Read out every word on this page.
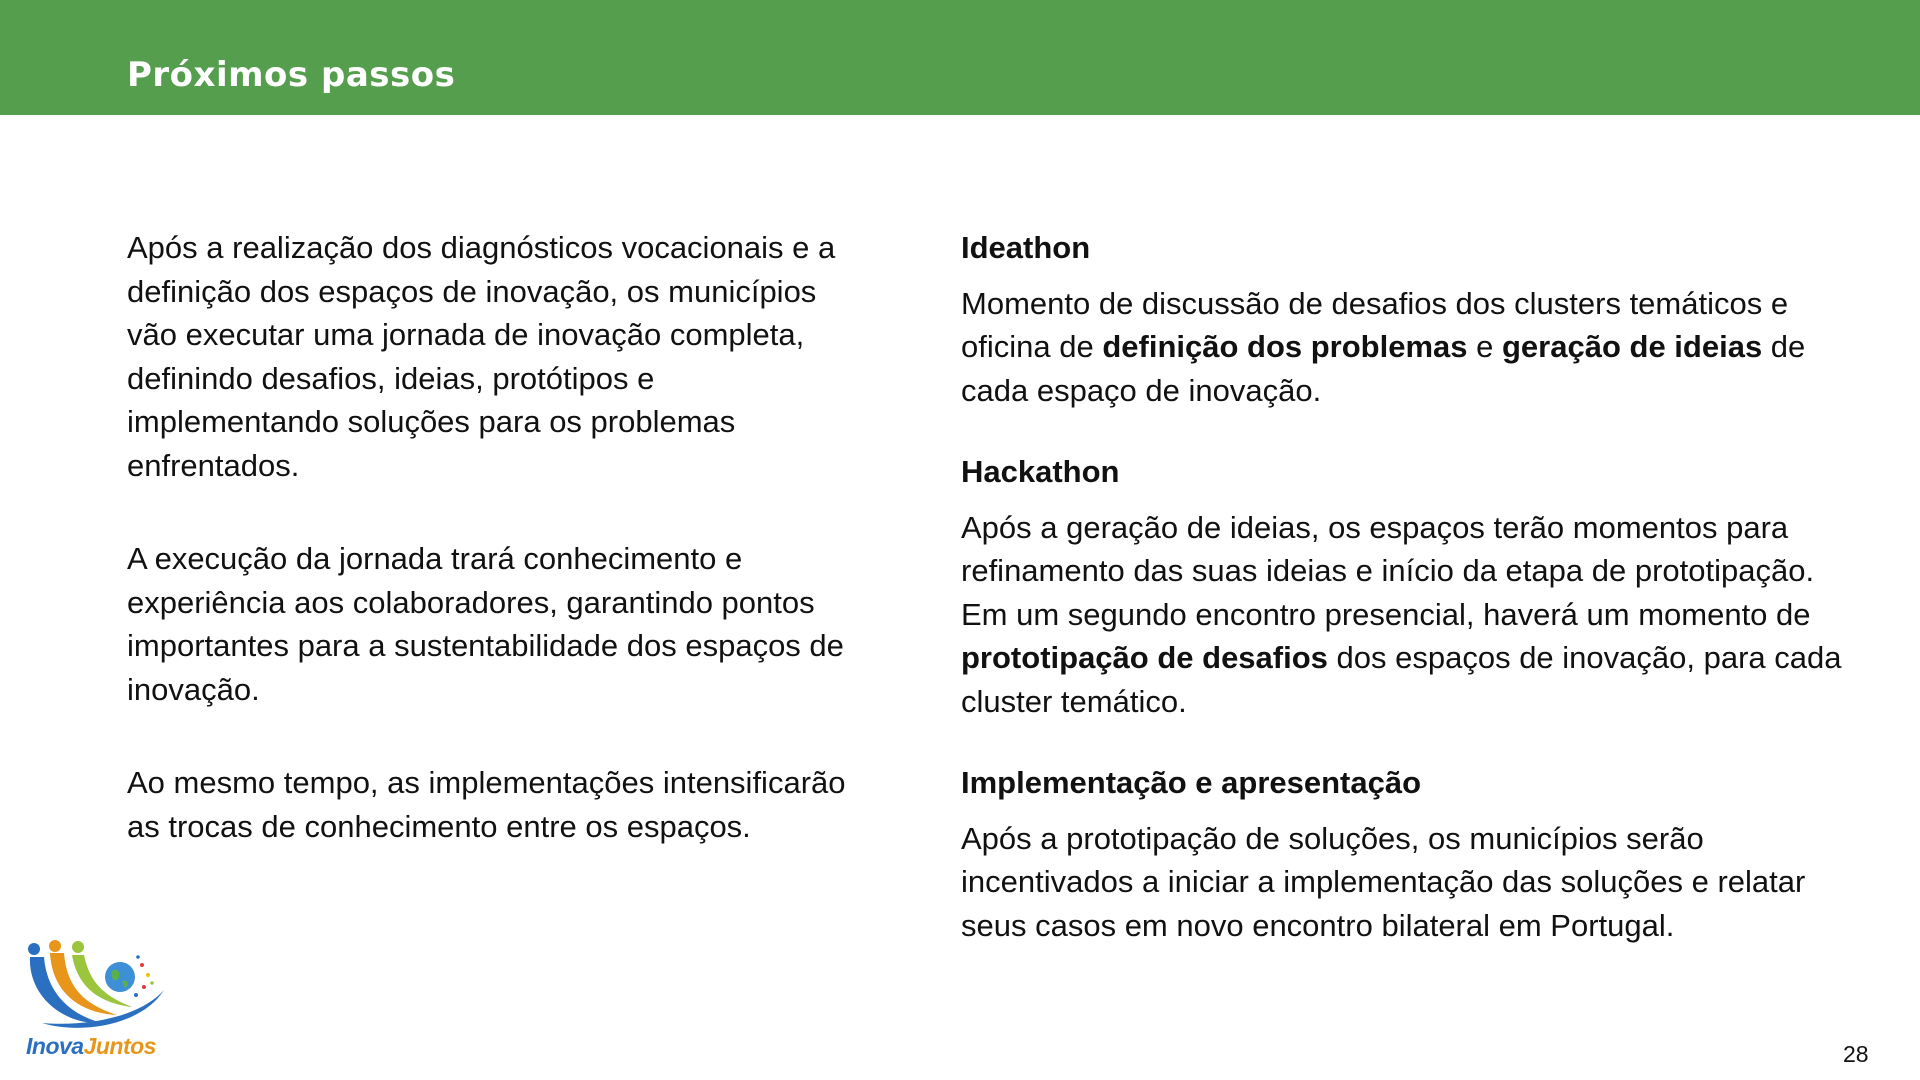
Próximos passos

Após a realização dos diagnósticos vocacionais e a definição dos espaços de inovação, os municípios vão executar uma jornada de inovação completa, definindo desafios, ideias, protótipos e implementando soluções para os problemas enfrentados.

A execução da jornada trará conhecimento e experiência aos colaboradores, garantindo pontos importantes para a sustentabilidade dos espaços de inovação.

Ao mesmo tempo, as implementações intensificarão as trocas de conhecimento entre os espaços.

Ideathon

Momento de discussão de desafios dos clusters temáticos e oficina de definição dos problemas e geração de ideias de cada espaço de inovação.

Hackathon

Após a geração de ideias, os espaços terão momentos para refinamento das suas ideias e início da etapa de prototipação. Em um segundo encontro presencial, haverá um momento de prototipação de desafios dos espaços de inovação, para cada cluster temático.

Implementação e apresentação

Após a prototipação de soluções, os municípios serão incentivados a iniciar a implementação das soluções e relatar seus casos em novo encontro bilateral em Portugal.

InovaJuntos	28
